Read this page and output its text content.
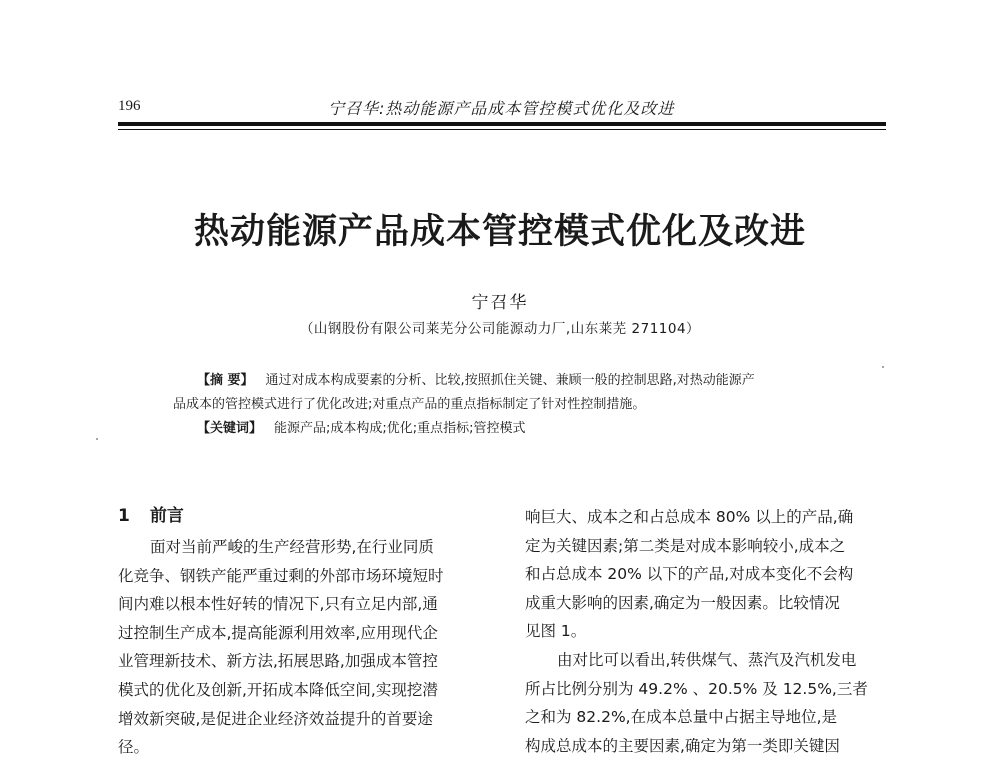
196	宁召华:热动能源产品成本管控模式优化及改进
热动能源产品成本管控模式优化及改进
宁召华
（山钢股份有限公司莱芜分公司能源动力厂,山东莱芜 271104）
【摘 要】 通过对成本构成要素的分析、比较,按照抓住关键、兼顾一般的控制思路,对热动能源产
品成本的管控模式进行了优化改进;对重点产品的重点指标制定了针对性控制措施。
【关键词】 能源产品;成本构成;优化;重点指标;管控模式
1 前言
面对当前严峻的生产经营形势,在行业同质
化竞争、钢铁产能严重过剩的外部市场环境短时
间内难以根本性好转的情况下,只有立足内部,通
过控制生产成本,提高能源利用效率,应用现代企
业管理新技术、新方法,拓展思路,加强成本管控
模式的优化及创新,开拓成本降低空间,实现挖潜
增效新突破,是促进企业经济效益提升的首要途
径。
响巨大、成本之和占总成本 80% 以上的产品,确
定为关键因素;第二类是对成本影响较小,成本之
和占总成本 20% 以下的产品,对成本变化不会构
成重大影响的因素,确定为一般因素。比较情况
见图 1。
由对比可以看出,转供煤气、蒸汽及汽机发电
所占比例分别为 49.2% 、20.5% 及 12.5%,三者
之和为 82.2%,在成本总量中占据主导地位,是
构成总成本的主要因素,确定为第一类即关键因
